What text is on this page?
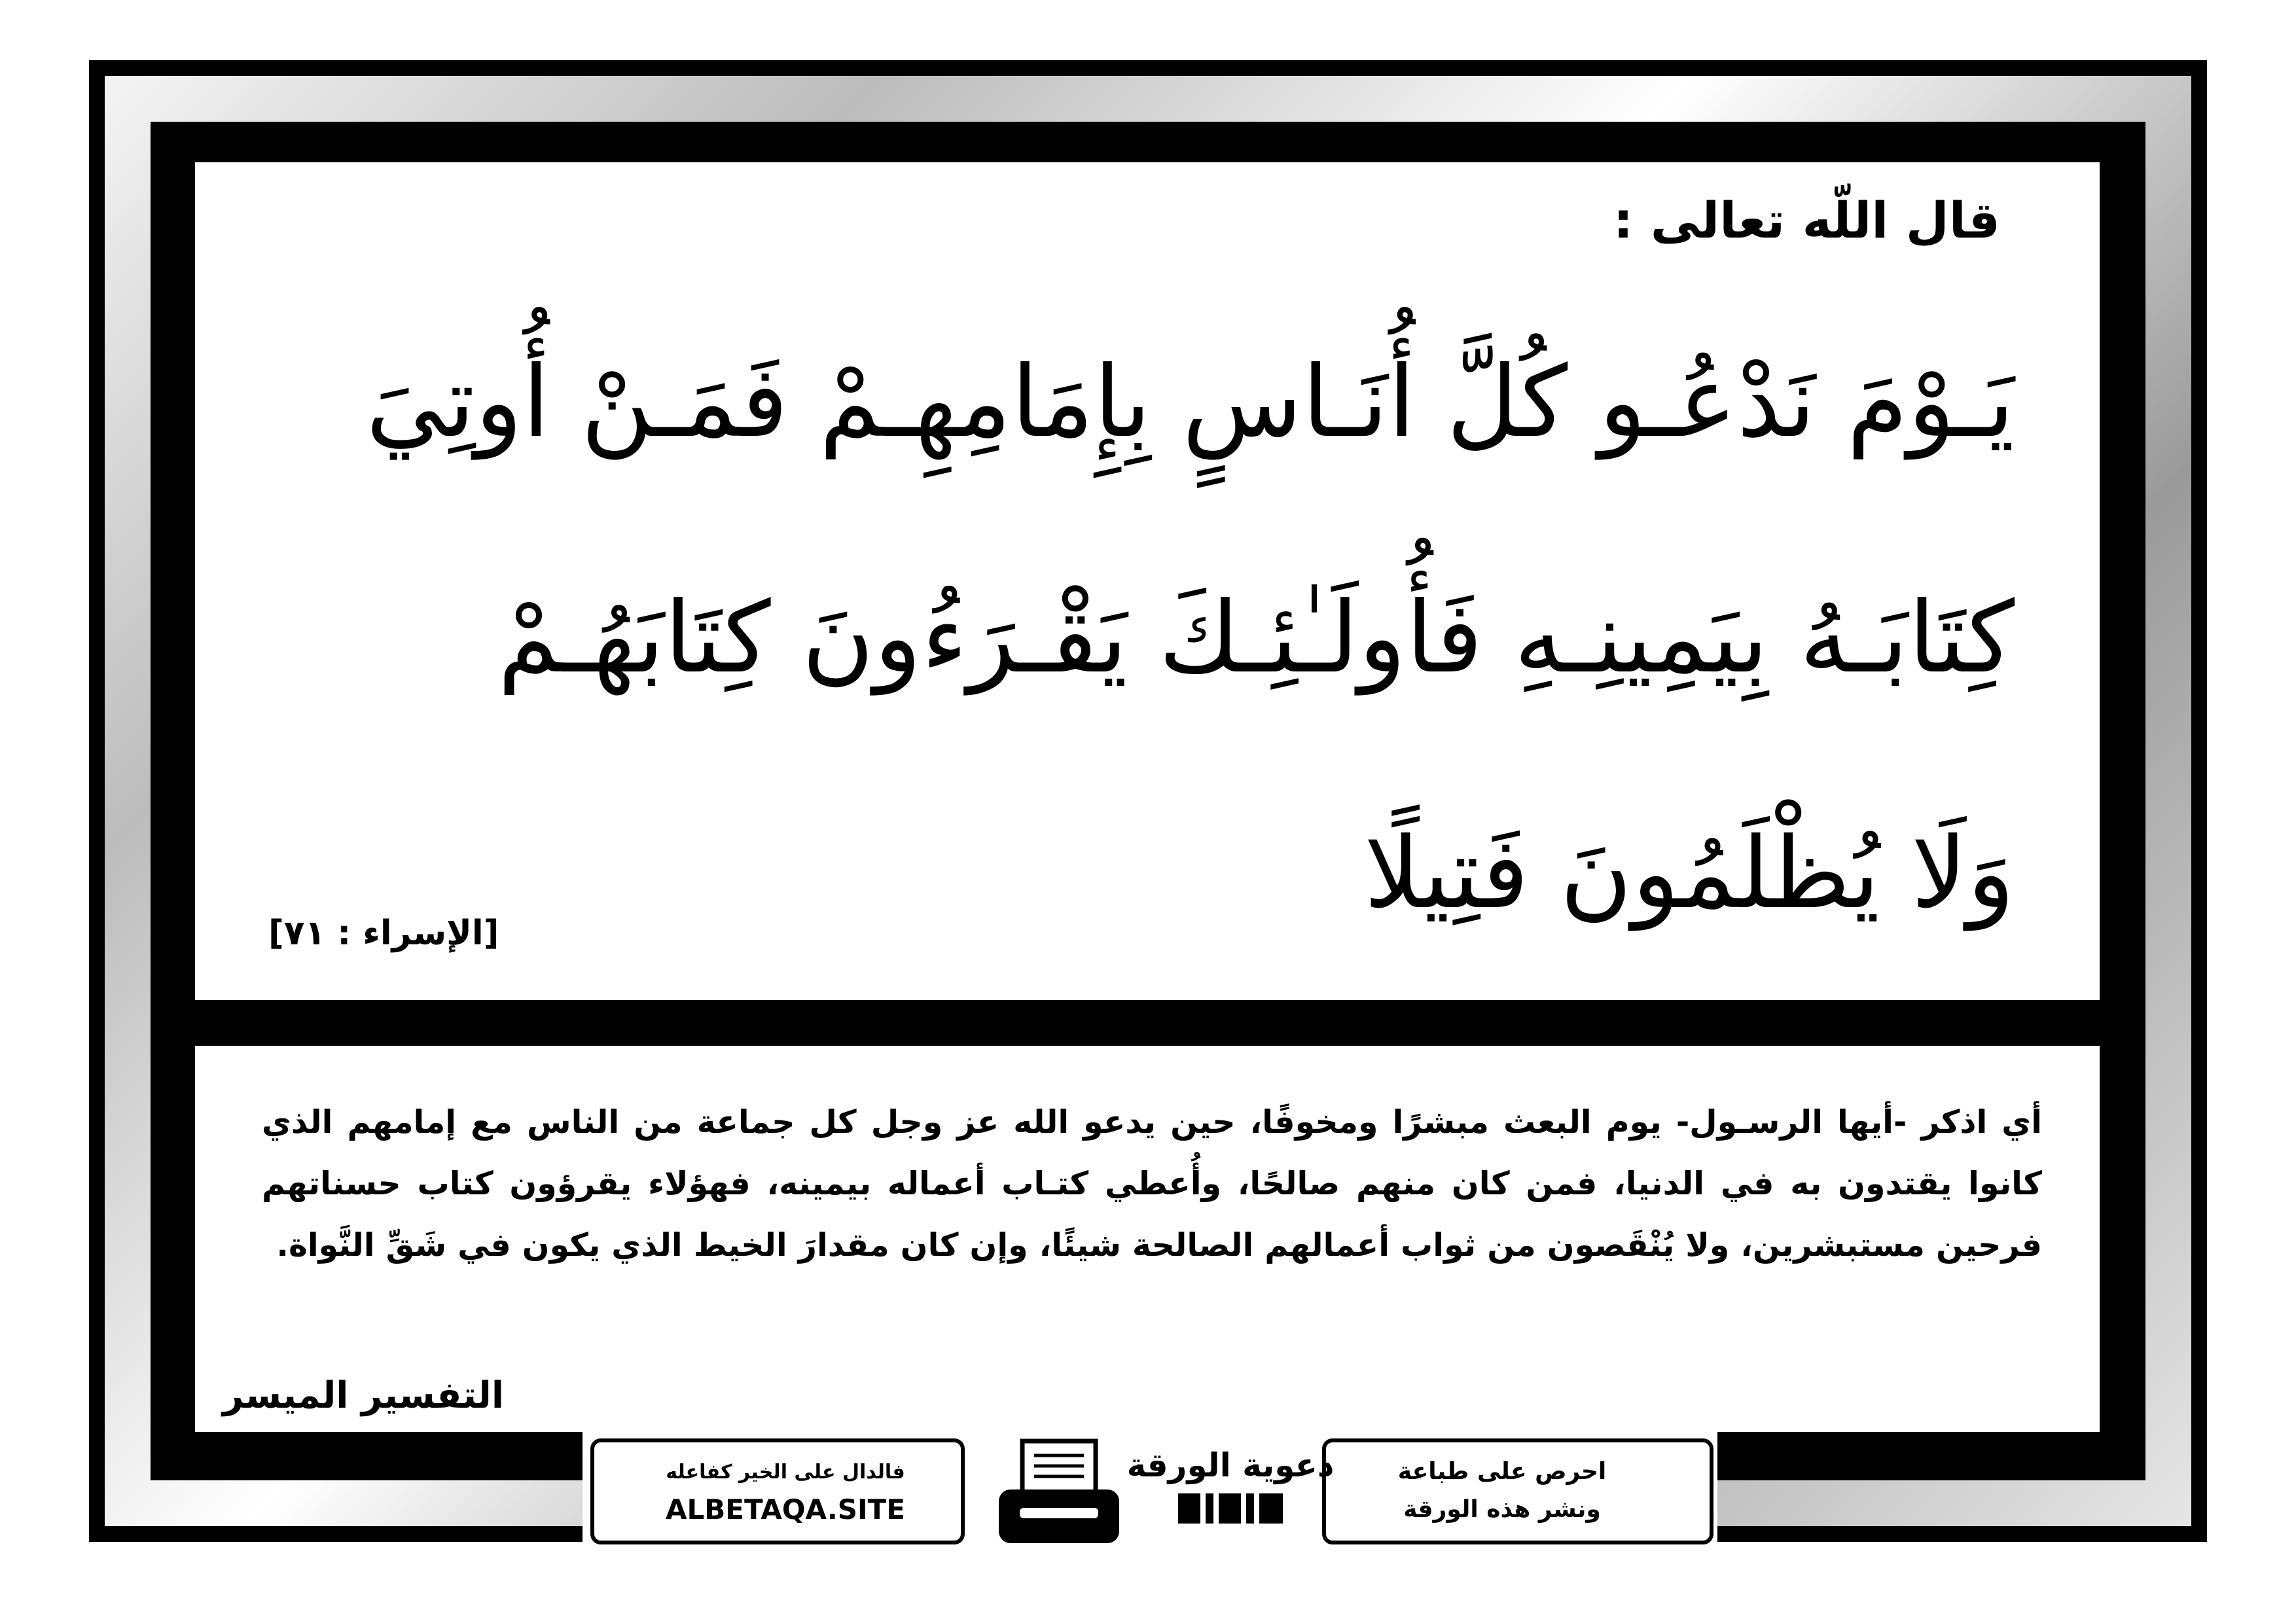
قال اللّه تعالى :
يَـوْمَ نَدْعُـو كُلَّ أُنَـاسٍ بِإِمَامِهِـمْ فَمَـنْ أُوتِيَ
كِتَابَـهُ بِيَمِينِـهِ فَأُولَـٰئِـكَ يَقْـرَءُونَ كِتَابَهُـمْ
وَلَا يُظْلَمُونَ فَتِيلًا
[الإسراء : ٧١]
أي اذكر -أيها الرسـول- يوم البعث مبشرًا ومخوفًا، حين يدعو الله عز وجل كل جماعة من الناس مع إمامهم الذي كانوا يقتدون به في الدنيا، فمن كان منهم صالحًا، وأُعطي كتـاب أعماله بيمينه، فهؤلاء يقرؤون كتاب حسناتهم فرحين مستبشرين، ولا يُنْقَصون من ثواب أعمالهم الصالحة شيئًا، وإن كان مقدارَ الخيط الذي يكون في شَقِّ النَّواة.
التفسير الميسر
فالدال على الخير كفاعله
ALBETAQA.SITE
دعوية الورقة	احرص على طباعة
ونشر هذه الورقة
